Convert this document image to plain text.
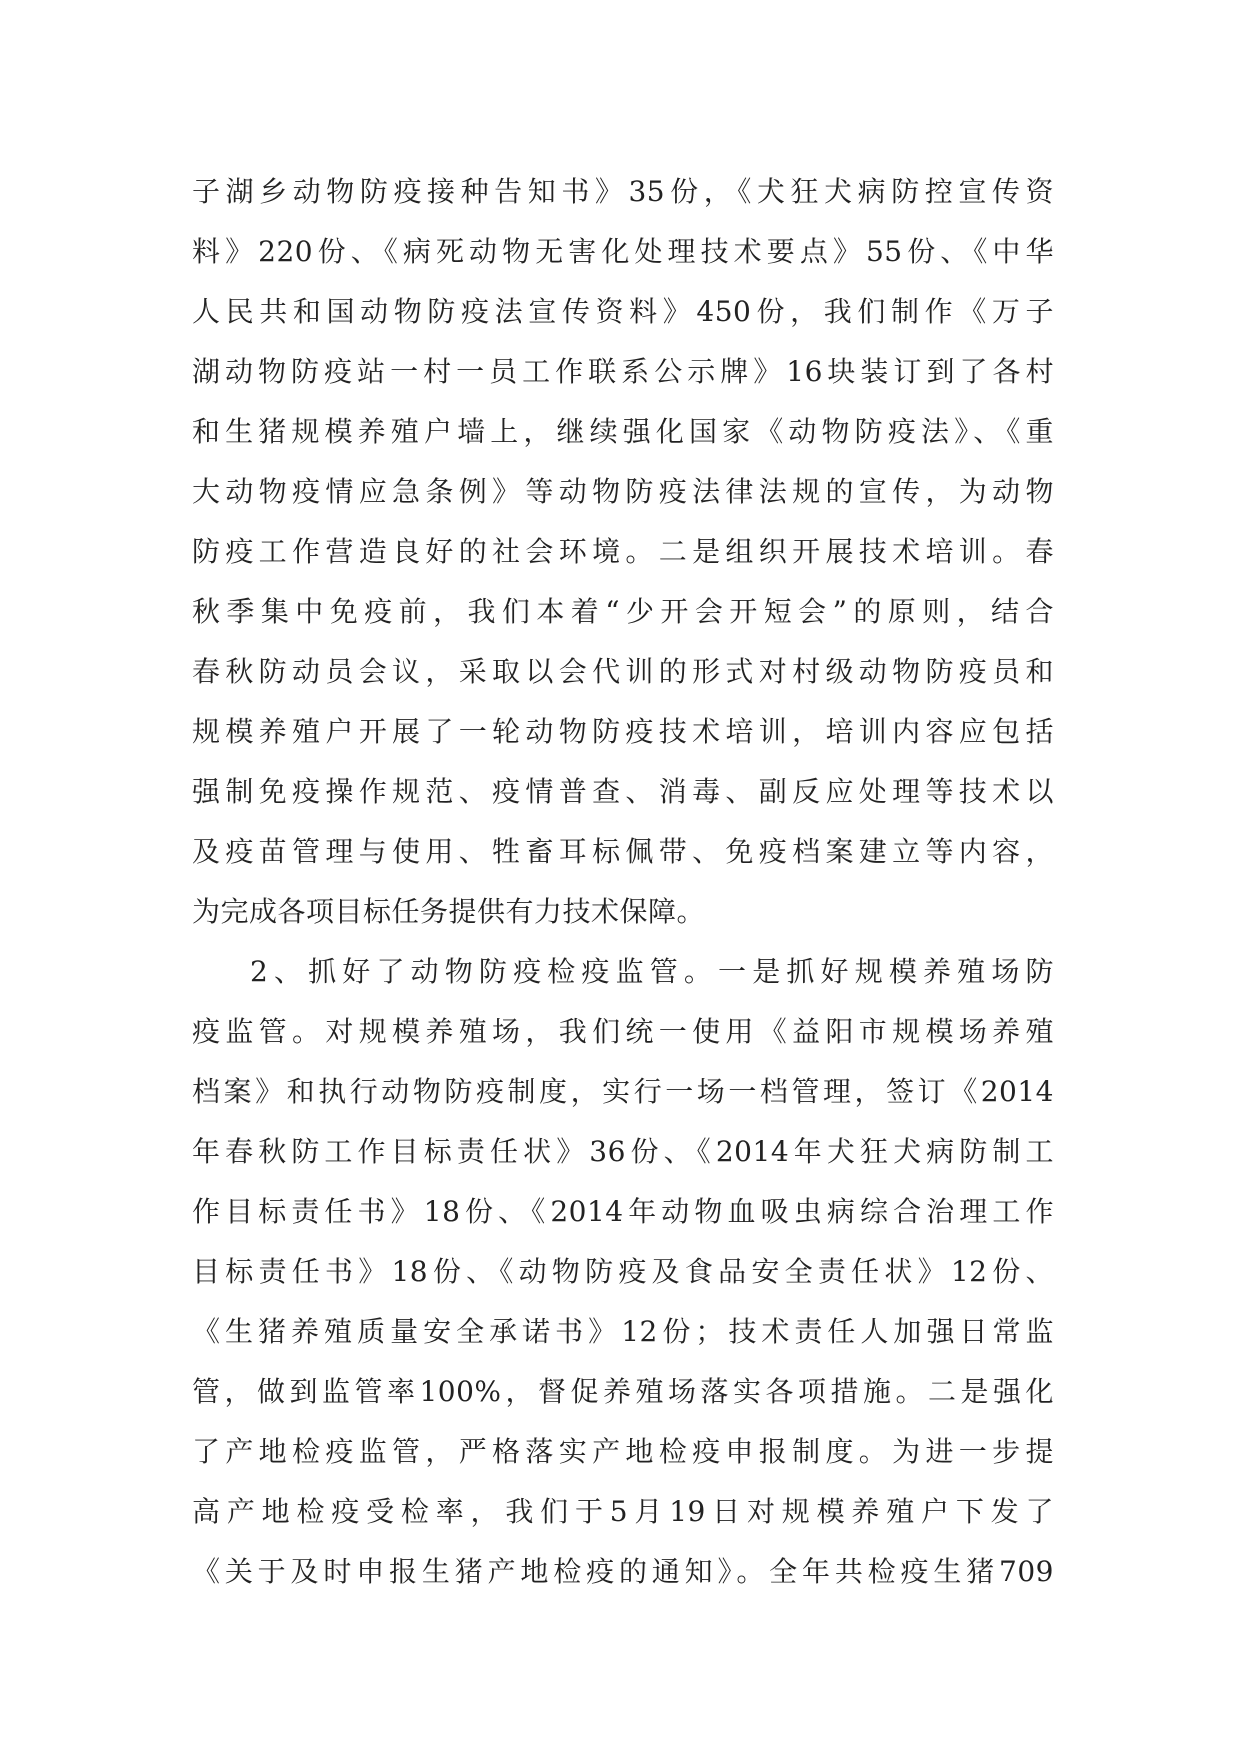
子湖乡动物防疫接种告知书》35份，《犬狂犬病防控宣传资
料》220份、《病死动物无害化处理技术要点》55份、《中华
人民共和国动物防疫法宣传资料》450份，我们制作《万子
湖动物防疫站一村一员工作联系公示牌》16块装订到了各村
和生猪规模养殖户墙上，继续强化国家《动物防疫法》、《重
大动物疫情应急条例》等动物防疫法律法规的宣传，为动物
防疫工作营造良好的社会环境。二是组织开展技术培训。春
秋季集中免疫前，我们本着“少开会开短会”的原则，结合
春秋防动员会议，采取以会代训的形式对村级动物防疫员和
规模养殖户开展了一轮动物防疫技术培训，培训内容应包括
强制免疫操作规范、疫情普查、消毒、副反应处理等技术以
及疫苗管理与使用、牲畜耳标佩带、免疫档案建立等内容，
为完成各项目标任务提供有力技术保障。
2、抓好了动物防疫检疫监管。一是抓好规模养殖场防
疫监管。对规模养殖场，我们统一使用《益阳市规模场养殖
档案》和执行动物防疫制度，实行一场一档管理，签订《2014
年春秋防工作目标责任状》36份、《2014年犬狂犬病防制工
作目标责任书》18份、《2014年动物血吸虫病综合治理工作
目标责任书》18份、《动物防疫及食品安全责任状》12份、
《生猪养殖质量安全承诺书》12份；技术责任人加强日常监
管，做到监管率100%，督促养殖场落实各项措施。二是强化
了产地检疫监管，严格落实产地检疫申报制度。为进一步提
高产地检疫受检率，我们于5月19日对规模养殖户下发了
《关于及时申报生猪产地检疫的通知》。全年共检疫生猪709
